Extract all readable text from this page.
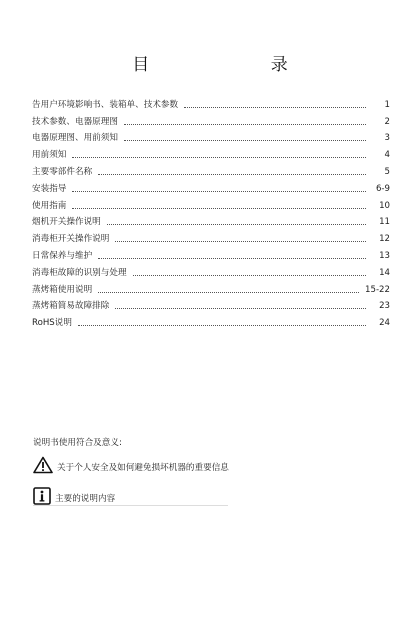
目 录
告用户环境影响书、装箱单、技术参数	1
技术参数、电器原理图	2
电器原理图、用前须知	3
用前须知	4
主要零部件名称	5
安装指导	6-9
使用指南	10
烟机开关操作说明	11
消毒柜开关操作说明	12
日常保养与维护	13
消毒柜故障的识别与处理	14
蒸烤箱使用说明	15-22
蒸烤箱简易故障排除	23
RoHS说明	24
说明书使用符合及意义:
关于个人安全及如何避免损坏机器的重要信息
主要的说明内容
